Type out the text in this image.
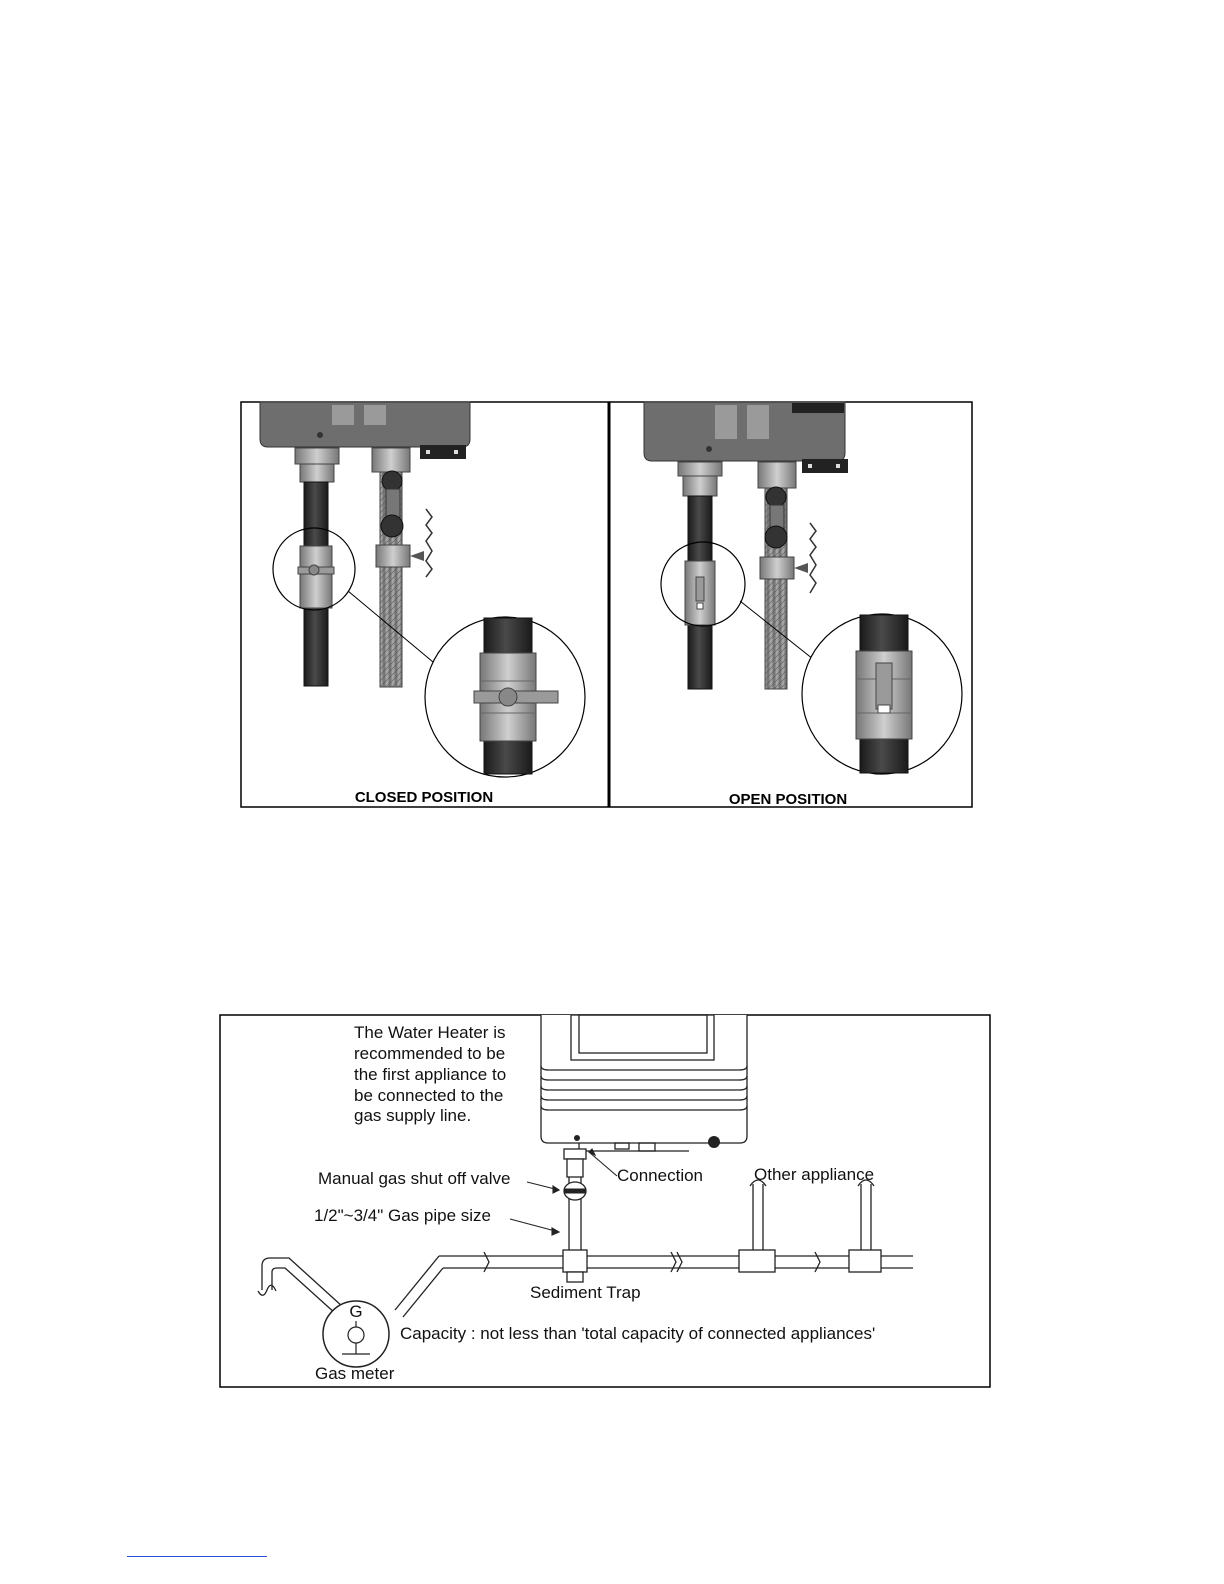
CLOSED POSITION	OPEN POSITION
The Water Heater is
recommended to be
the first appliance to
be connected to the
gas supply line.
G
Connection	Other appliance
Manual gas shut off valve
1/2"~3/4" Gas pipe size
Sediment Trap
Capacity : not less than 'total capacity of connected appliances'
Gas meter
